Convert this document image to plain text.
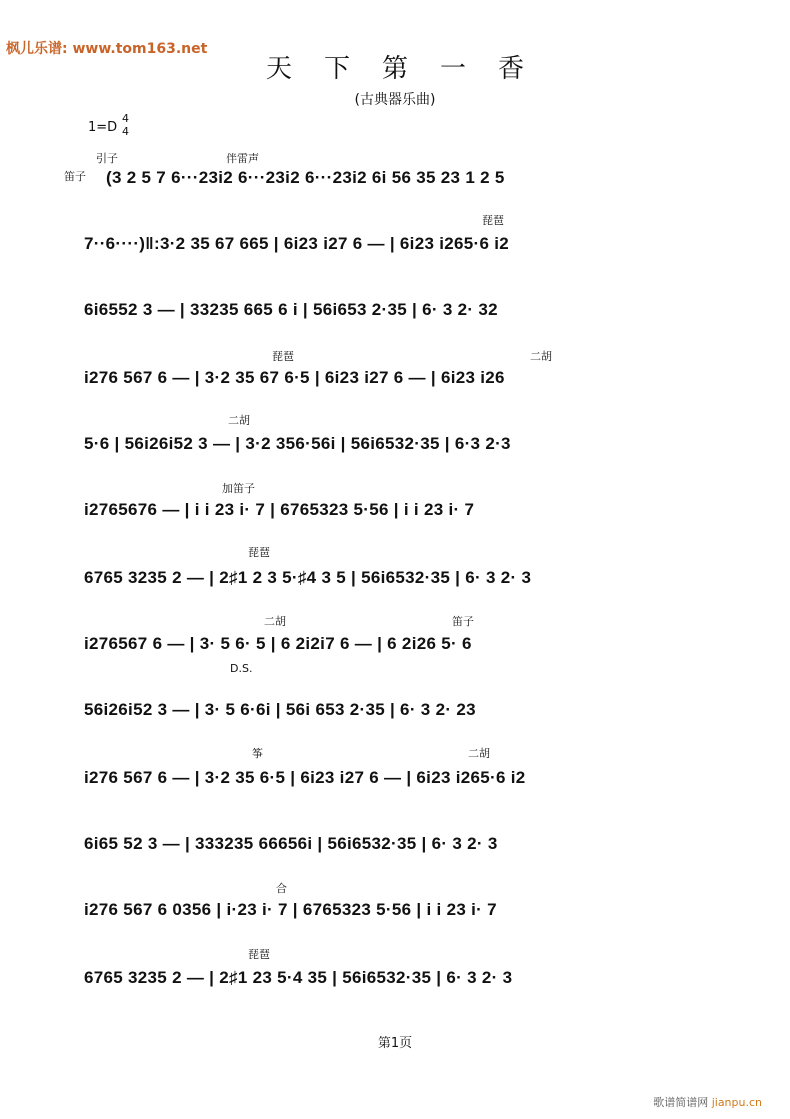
枫儿乐谱: www.tom163.net
天下第一香
(古典器乐曲)
1=D
4
4
引子
笛子
伴雷声
琵琶
琵琶	二胡
二胡
加笛子
琵琶
二胡	笛子
D.S.
筝	二胡
合
琵琶
(3 2 5 7 6···23i2 6···23i2 6···23i2 6i 56 35 23 1 2 5
7··6····)‖:3·2 35 67 665 | 6i23 i27 6 — | 6i23 i265·6 i2
6i6552 3 — | 33235 665 6 i | 56i653 2·35 | 6· 3 2· 32
i276 567 6 — | 3·2 35 67 6·5 | 6i23 i27 6 — | 6i23 i26
5·6 | 56i26i52 3 — | 3·2 356·56i | 56i6532·35 | 6·3 2·3
i2765676 — | i i 23 i· 7 | 6765323 5·56 | i i 23 i· 7
6765 3235 2 — | 2♯1 2 3 5·♯4 3 5 | 56i6532·35 | 6· 3 2· 3
i276567 6 — | 3· 5 6· 5 | 6 2i2i7 6 — | 6 2i26 5· 6
56i26i52 3 — | 3· 5 6·6i | 56i 653 2·35 | 6· 3 2· 23
i276 567 6 — | 3·2 35 6·5 | 6i23 i27 6 — | 6i23 i265·6 i2
6i65 52 3 — | 333235 66656i | 56i6532·35 | 6· 3 2· 3
i276 567 6 0356 | i·23 i· 7 | 6765323 5·56 | i i 23 i· 7
6765 3235 2 — | 2♯1 23 5·4 35 | 56i6532·35 | 6· 3 2· 3
第1页
歌谱简谱网 jianpu.cn
